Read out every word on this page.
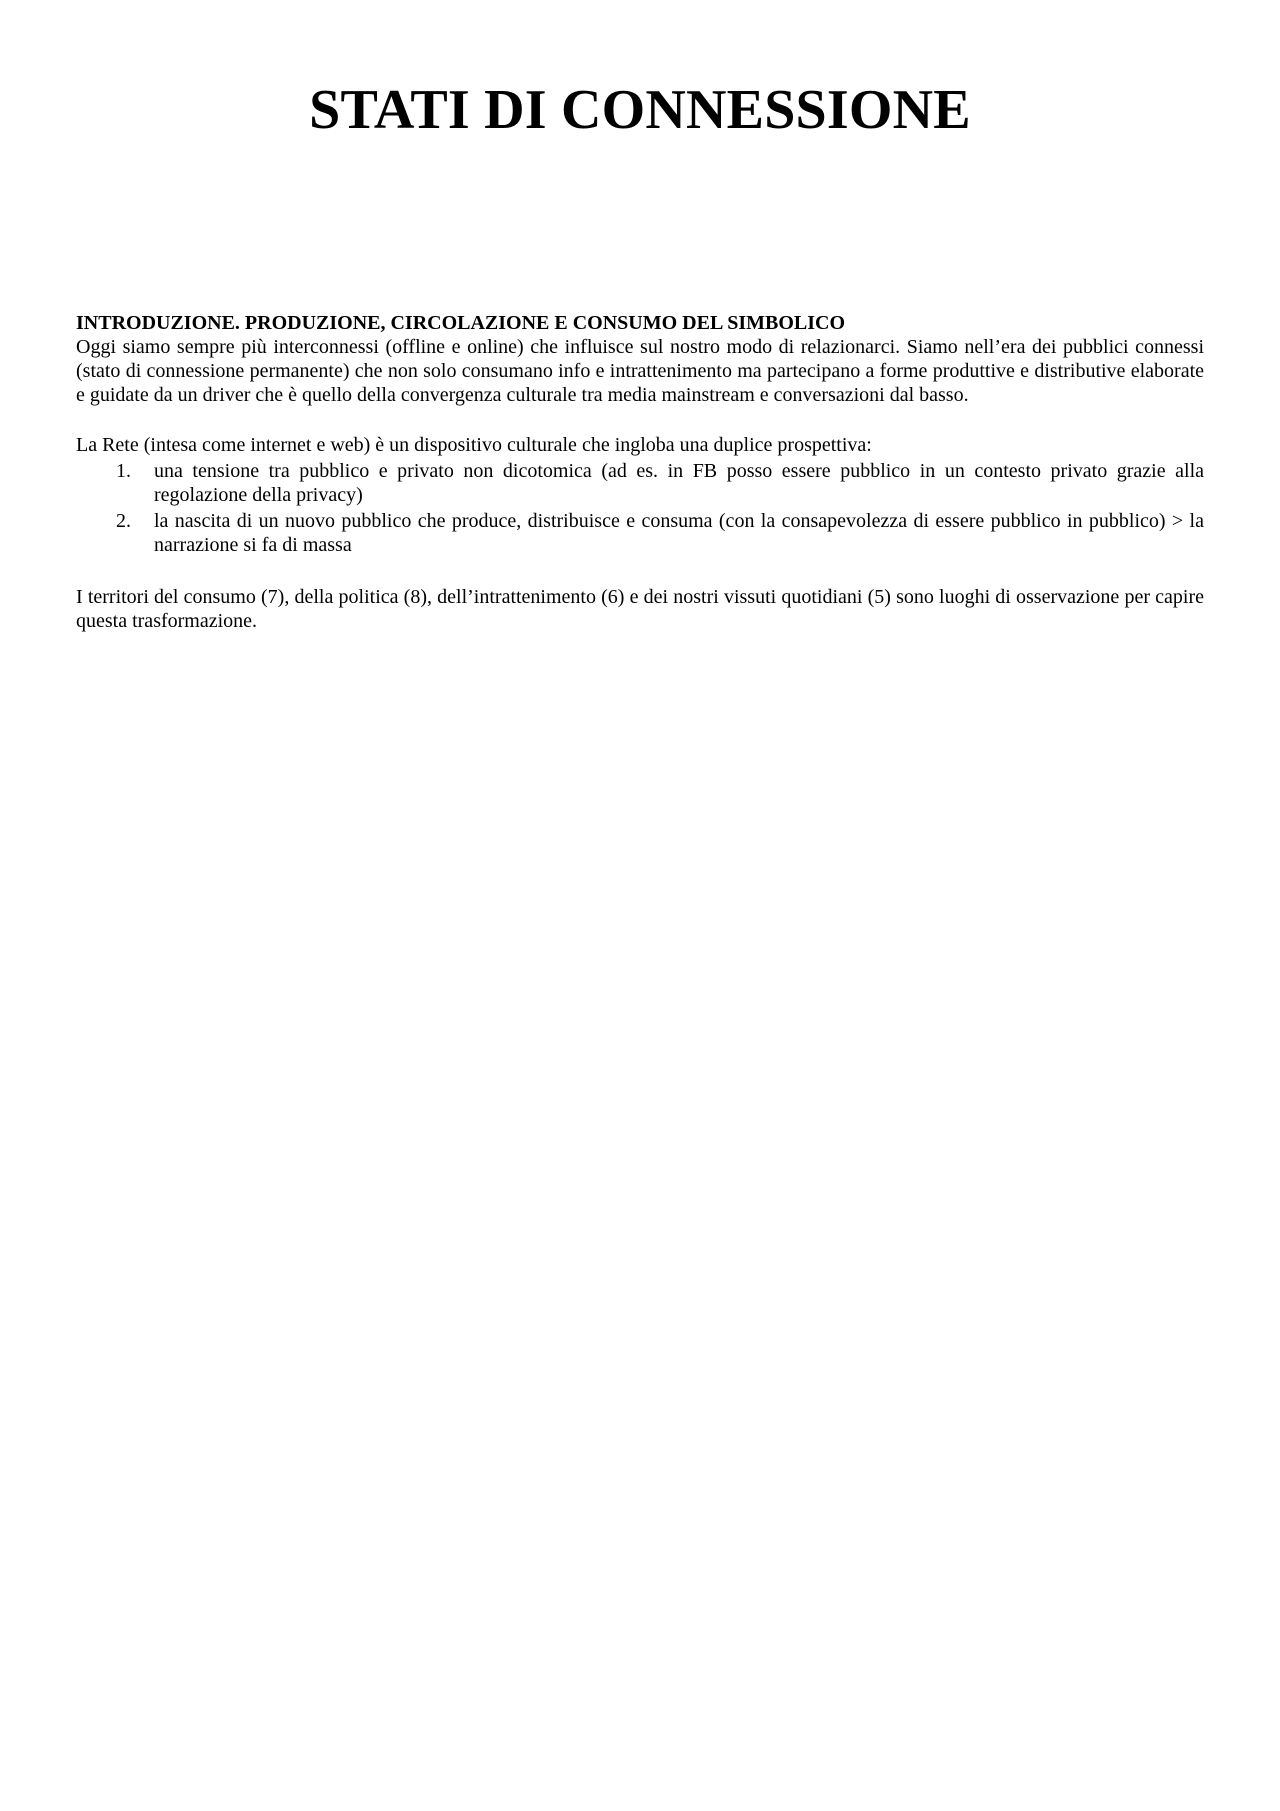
STATI DI CONNESSIONE
INTRODUZIONE. PRODUZIONE, CIRCOLAZIONE E CONSUMO DEL SIMBOLICO

Oggi siamo sempre più interconnessi (offline e online) che influisce sul nostro modo di relazionarci. Siamo nell’era dei pubblici connessi (stato di connessione permanente) che non solo consumano info e intrattenimento ma partecipano a forme produttive e distributive elaborate e guidate da un driver che è quello della convergenza culturale tra media mainstream e conversazioni dal basso.

La Rete (intesa come internet e web) è un dispositivo culturale che ingloba una duplice prospettiva:

1. una tensione tra pubblico e privato non dicotomica (ad es. in FB posso essere pubblico in un contesto privato grazie alla regolazione della privacy)
2. la nascita di un nuovo pubblico che produce, distribuisce e consuma (con la consapevolezza di essere pubblico in pubblico) > la narrazione si fa di massa

I territori del consumo (7), della politica (8), dell’intrattenimento (6) e dei nostri vissuti quotidiani (5) sono luoghi di osservazione per capire questa trasformazione.
